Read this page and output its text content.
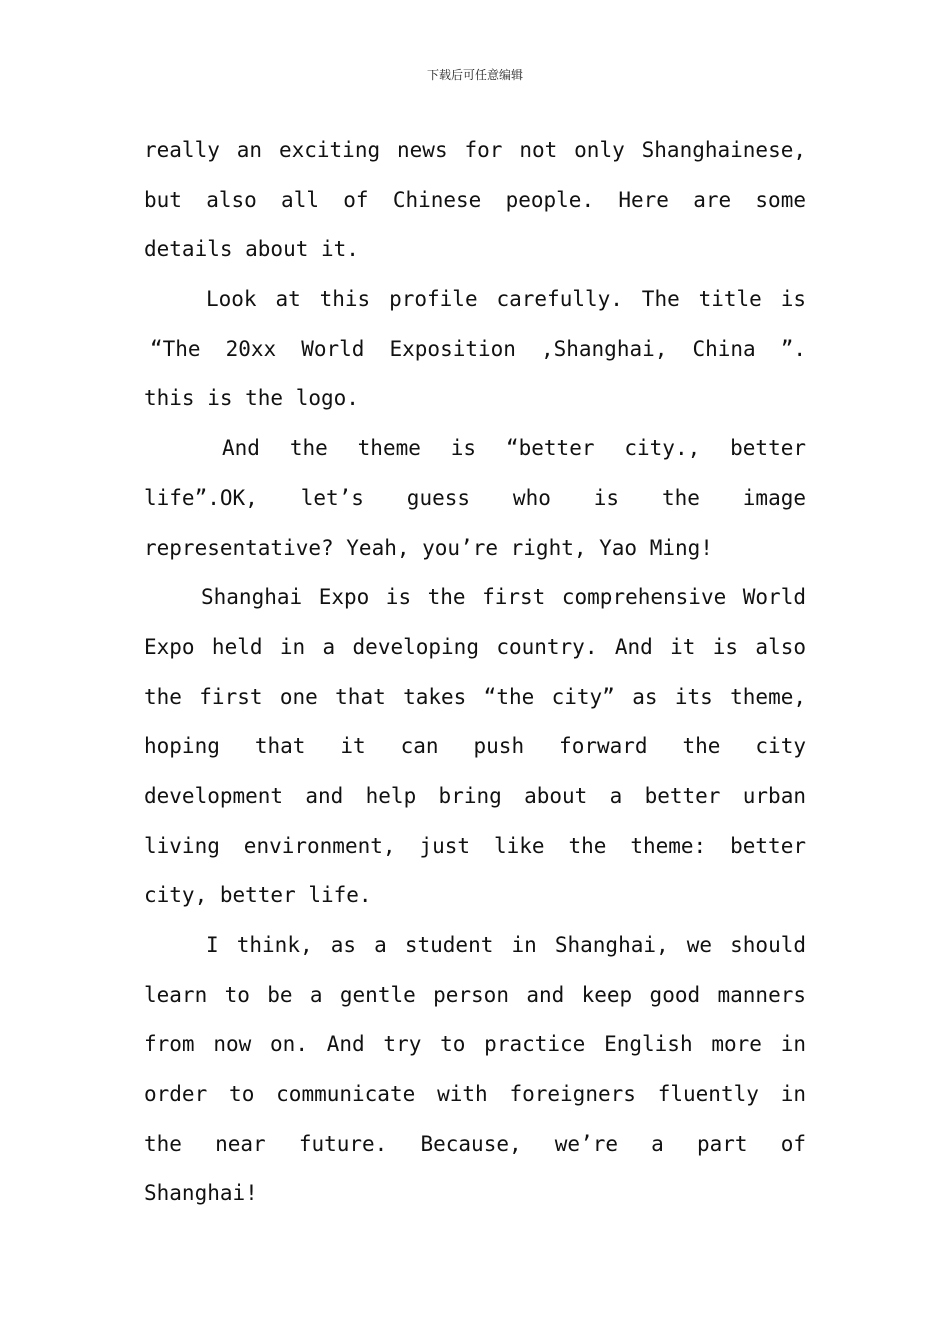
下载后可任意编辑
really an exciting news for not only Shanghainese,
but also all of Chinese people. Here are some
details about it.
Look at this profile carefully. The title is
“The 20xx World Exposition ,Shanghai, China ”.
this is the logo.
And the theme is “better city., better
life”.OK, let’s guess who is the image
representative? Yeah, you’re right, Yao Ming!
Shanghai Expo is the first comprehensive World
Expo held in a developing country. And it is also
the first one that takes “the city” as its theme,
hoping that it can push forward the city
development and help bring about a better urban
living environment, just like the theme: better
city, better life.
I think, as a student in Shanghai, we should
learn to be a gentle person and keep good manners
from now on. And try to practice English more in
order to communicate with foreigners fluently in
the near future. Because, we’re a part of
Shanghai!
